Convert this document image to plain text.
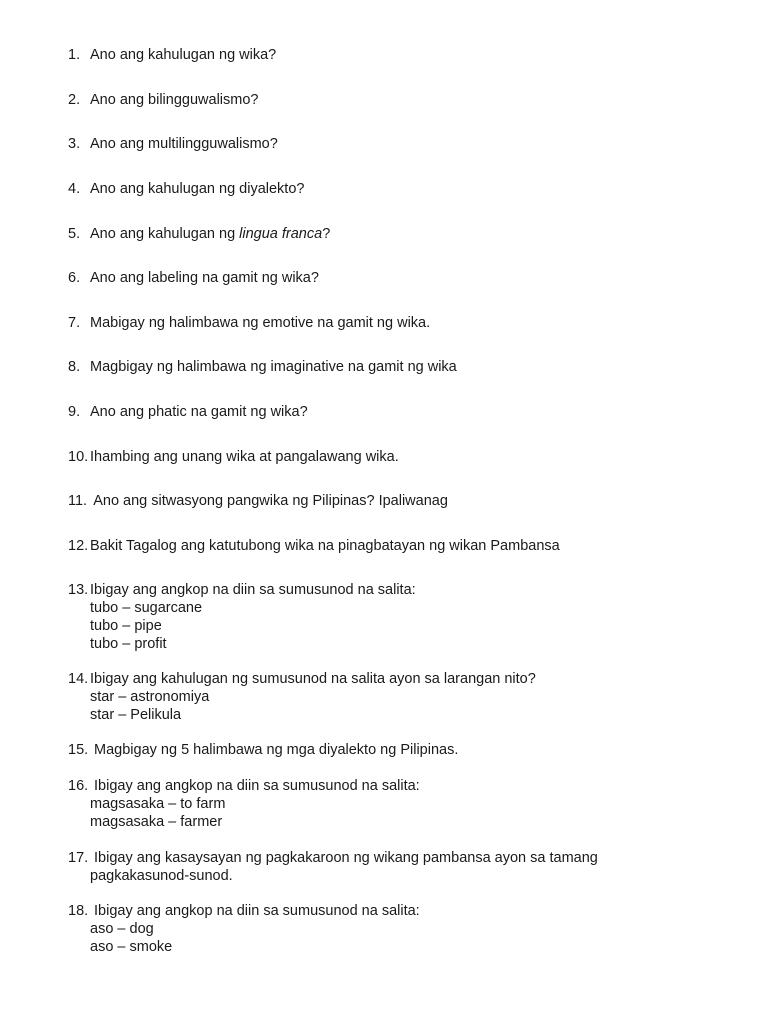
1. Ano ang kahulugan ng wika?
2. Ano ang bilingguwalismo?
3. Ano ang multilingguwalismo?
4. Ano ang kahulugan ng diyalekto?
5. Ano ang kahulugan ng lingua franca?
6. Ano ang labeling na gamit ng wika?
7. Mabigay ng halimbawa ng emotive na gamit ng wika.
8. Magbigay ng halimbawa ng imaginative na gamit ng wika
9. Ano ang phatic na gamit ng wika?
10. Ihambing ang unang wika at pangalawang wika.
11. Ano ang sitwasyong pangwika ng Pilipinas? Ipaliwanag
12. Bakit Tagalog ang katutubong wika na pinagbatayan ng wikan Pambansa
13. Ibigay ang angkop na diin sa sumusunod na salita:
tubo – sugarcane
tubo – pipe
tubo – profit
14. Ibigay ang kahulugan ng sumusunod na salita ayon sa larangan nito?
star – astronomiya
star – Pelikula
15. Magbigay ng 5 halimbawa ng mga diyalekto ng Pilipinas.
16. Ibigay ang angkop na diin sa sumusunod na salita:
magsasaka – to farm
magsasaka – farmer
17. Ibigay ang kasaysayan ng pagkakaroon ng wikang pambansa ayon sa tamang
pagkakasunod-sunod.
18. Ibigay ang angkop na diin sa sumusunod na salita:
aso – dog
aso – smoke
